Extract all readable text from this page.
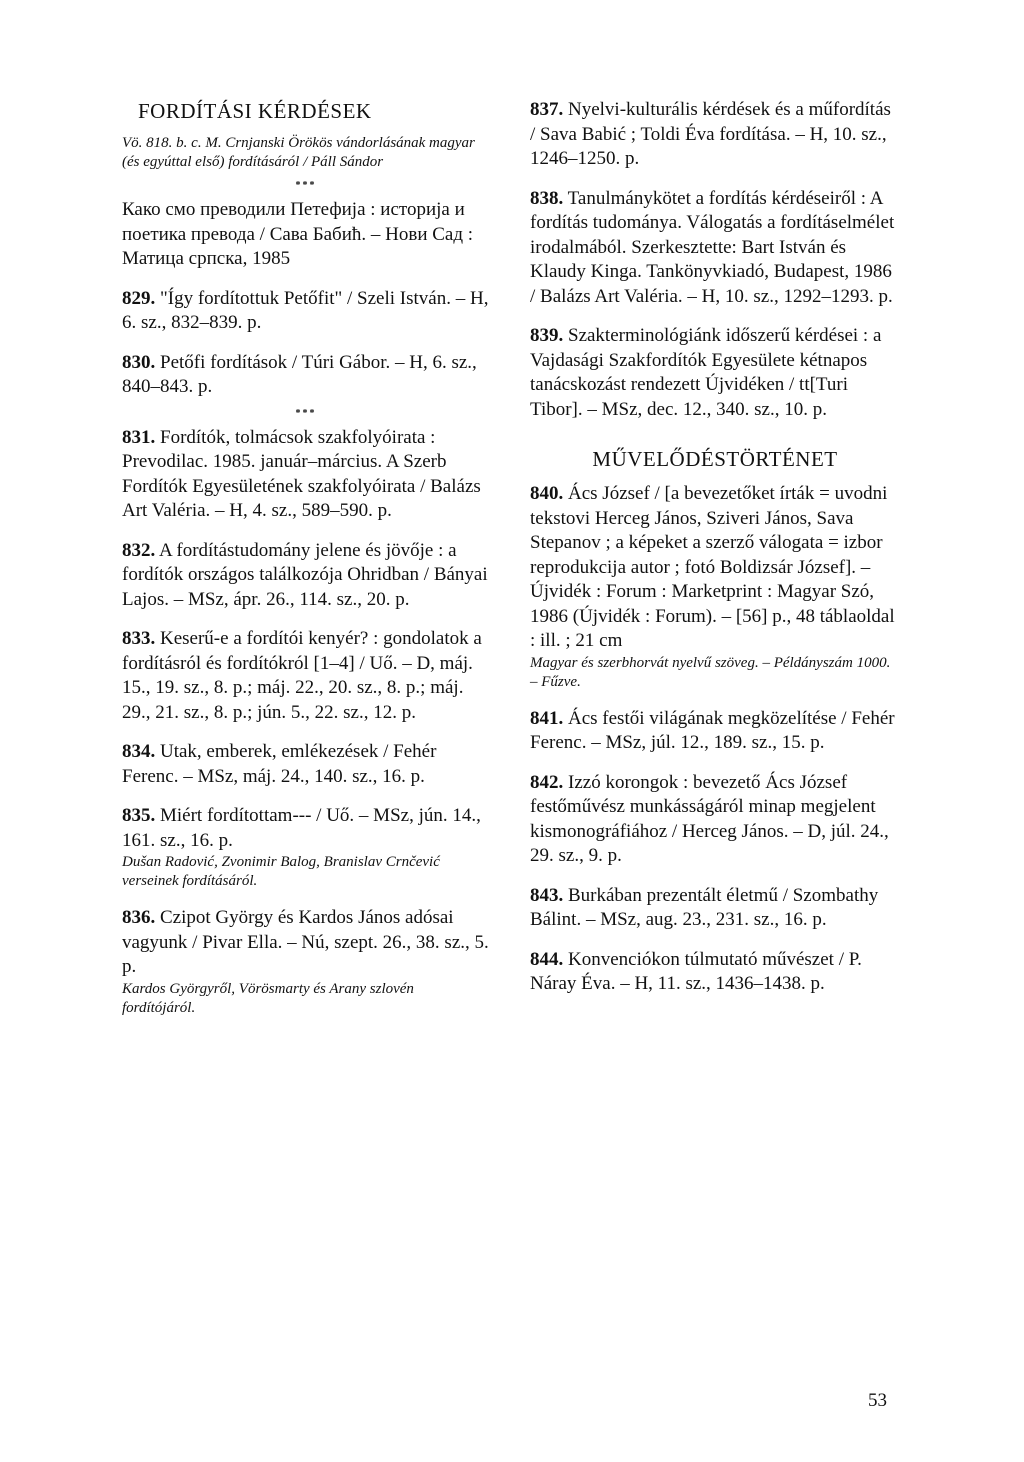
FORDÍTÁSI KÉRDÉSEK
Vö. 818. b. c. M. Crnjanski Örökös vándorlásának magyar (és egyúttal első) fordításáról / Páll Sándor
***
Како смо преводили Петефија : историја и поетика превода / Сава Бабић. – Нови Сад : Матица српска, 1985
829. "Így fordítottuk Petőfit" / Szeli István. – H, 6. sz., 832–839. p.
830. Petőfi fordítások / Túri Gábor. – H, 6. sz., 840–843. p.
***
831. Fordítók, tolmácsok szakfolyóirata : Prevodilac. 1985. január–március. A Szerb Fordítók Egyesületének szakfolyóirata / Balázs Art Valéria. – H, 4. sz., 589–590. p.
832. A fordítástudomány jelene és jövője : a fordítók országos találkozója Ohridban / Bányai Lajos. – MSz, ápr. 26., 114. sz., 20. p.
833. Keserű-e a fordítói kenyér? : gondolatok a fordításról és fordítókról [1–4] / Uő. – D, máj. 15., 19. sz., 8. p.; máj. 22., 20. sz., 8. p.; máj. 29., 21. sz., 8. p.; jún. 5., 22. sz., 12. p.
834. Utak, emberek, emlékezések / Fehér Ferenc. – MSz, máj. 24., 140. sz., 16. p.
835. Miért fordítottam--- / Uő. – MSz, jún. 14., 161. sz., 16. p.
Dušan Radović, Zvonimir Balog, Branislav Crnčević verseinek fordításáról.
836. Czipot György és Kardos János adósai vagyunk / Pivar Ella. – Nú, szept. 26., 38. sz., 5. p.
Kardos Györgyről, Vörösmarty és Arany szlovén fordítójáról.
837. Nyelvi-kulturális kérdések és a műfordítás / Sava Babić ; Toldi Éva fordítása. – H, 10. sz., 1246–1250. p.
838. Tanulmánykötet a fordítás kérdéseiről : A fordítás tudománya. Válogatás a fordításelmélet irodalmából. Szerkesztette: Bart István és Klaudy Kinga. Tankönyvkiadó, Budapest, 1986 / Balázs Art Valéria. – H, 10. sz., 1292–1293. p.
839. Szakterminológiánk időszerű kérdései : a Vajdasági Szakfordítók Egyesülete kétnapos tanácskozást rendezett Újvidéken / tt[Turi Tibor]. – MSz, dec. 12., 340. sz., 10. p.
MŰVELŐDÉSTÖRTÉNET
840. Ács József / [a bevezetőket írták = uvodni tekstovi Herceg János, Sziveri János, Sava Stepanov ; a képeket a szerző válogata = izbor reprodukcija autor ; fotó Boldizsár József]. – Újvidék : Forum : Marketprint : Magyar Szó, 1986 (Újvidék : Forum). – [56] p., 48 táblaoldal : ill. ; 21 cm
Magyar és szerbhorvát nyelvű szöveg. – Példányszám 1000. – Fűzve.
841. Ács festői világának megközelítése / Fehér Ferenc. – MSz, júl. 12., 189. sz., 15. p.
842. Izzó korongok : bevezető Ács József festőművész munkásságáról minap megjelent kismonográfiához / Herceg János. – D, júl. 24., 29. sz., 9. p.
843. Burkában prezentált életmű / Szombathy Bálint. – MSz, aug. 23., 231. sz., 16. p.
844. Konvenciókon túlmutató művészet / P. Náray Éva. – H, 11. sz., 1436–1438. p.
53
